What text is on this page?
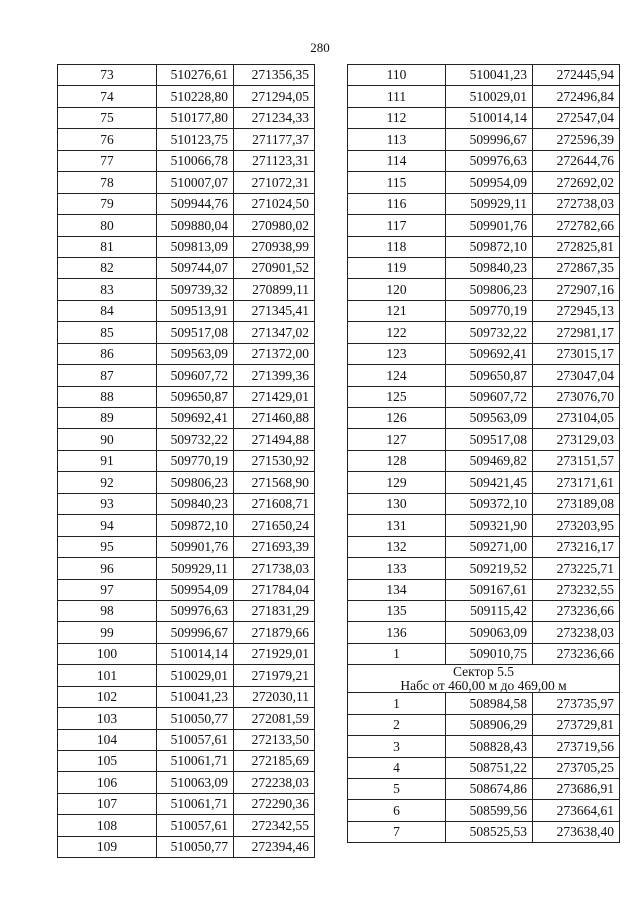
280
73	510276,61	271356,35
74	510228,80	271294,05
75	510177,80	271234,33
76	510123,75	271177,37
77	510066,78	271123,31
78	510007,07	271072,31
79	509944,76	271024,50
80	509880,04	270980,02
81	509813,09	270938,99
82	509744,07	270901,52
83	509739,32	270899,11
84	509513,91	271345,41
85	509517,08	271347,02
86	509563,09	271372,00
87	509607,72	271399,36
88	509650,87	271429,01
89	509692,41	271460,88
90	509732,22	271494,88
91	509770,19	271530,92
92	509806,23	271568,90
93	509840,23	271608,71
94	509872,10	271650,24
95	509901,76	271693,39
96	509929,11	271738,03
97	509954,09	271784,04
98	509976,63	271831,29
99	509996,67	271879,66
100	510014,14	271929,01
101	510029,01	271979,21
102	510041,23	272030,11
103	510050,77	272081,59
104	510057,61	272133,50
105	510061,71	272185,69
106	510063,09	272238,03
107	510061,71	272290,36
108	510057,61	272342,55
109	510050,77	272394,46
110	510041,23	272445,94
111	510029,01	272496,84
112	510014,14	272547,04
113	509996,67	272596,39
114	509976,63	272644,76
115	509954,09	272692,02
116	509929,11	272738,03
117	509901,76	272782,66
118	509872,10	272825,81
119	509840,23	272867,35
120	509806,23	272907,16
121	509770,19	272945,13
122	509732,22	272981,17
123	509692,41	273015,17
124	509650,87	273047,04
125	509607,72	273076,70
126	509563,09	273104,05
127	509517,08	273129,03
128	509469,82	273151,57
129	509421,45	273171,61
130	509372,10	273189,08
131	509321,90	273203,95
132	509271,00	273216,17
133	509219,52	273225,71
134	509167,61	273232,55
135	509115,42	273236,66
136	509063,09	273238,03
1	509010,75	273236,66

Сектор 5.5
Набс от 460,00 м до 469,00 м		

1	508984,58	273735,97
2	508906,29	273729,81
3	508828,43	273719,56
4	508751,22	273705,25
5	508674,86	273686,91
6	508599,56	273664,61
7	508525,53	273638,40
